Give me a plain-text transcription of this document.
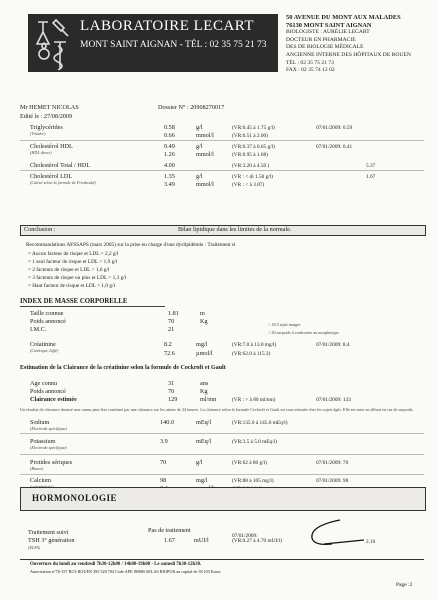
LABORATOIRE LECART
MONT SAINT AIGNAN - TÉL : 02 35 75 21 73
50 AVENUE DU MONT AUX MALADES
76130 MONT SAINT AIGNAN
BIOLOGISTE : AURÉLIE LECART
DOCTEUR EN PHARMACIE
DES DE BIOLOGIE MÉDICALE
ANCIENNE INTERNE DES HÔPITAUX DE ROUEN
TÉL : 02 35 75 21 73
FAX : 02 35 74 12 02
Mr HEMET NICOLAS
Edité le : 27/08/2009
Dossier N° : 20908270017
Triglycérides
(Triader)
0.58	g/l	(VR:0.45 à 1.75 g/l)	07/01/2009: 0.59
0.66	mmol/l	(VR:0.51 à 2.00)
Cholestérol HDL
(HDL direct)
0.49	g/l	(VR:0.37 à 0.65 g/l)	07/01/2009: 0.41
1.26	mmol/l	(VR:0.95 à 1.68)
Cholestérol Total / HDL	4.00	(VR:3.20 à 4.50 )	5.37
Cholestérol LDL
(Calcul selon la formule de Friedwald)
1.35	g/l	(VR : < di 1.50 g/l)	1.67
3.49	mmol/l	(VR : < à 3.87)
Conclusion :	Bilan lipidique dans les limites de la normale.
Recommandations AFSSAPS (mars 2005) sur la prise en charge d'une dyslipidémie : Traitement si
= Aucun facteur de risque et LDL > 2,2 g/l
= 1 seul facteur de risque et LDL > 1,9 g/l
= 2 facteurs de risque et LDL > 1,6 g/l
= 3 facteurs de risque ou plus et LDL > 1,3 g/l
= Haut facteur de risque et LDL > 1,0 g/l
INDEX DE MASSE CORPORELLE
Taille connue	1.81	m
Poids annoncé	70	Kg
I.M.C.	21
< 18.5 sujet maigre
> 30 surpoids à confronter au morphotype.
Créatinine
(Cinétique Jaffé)
8.2	mg/l	(VR:7.0 à 13.0 mg/l)	07/01/2009: 8.4
72.6	µmol/l	(VR:62.0 à 115.3)
Estimation de la Clairance de la créatinine selon la formule de Cockroft et Gault
Age connu	31	ans
Poids annoncé	70	Kg
Clairance estimée	129	ml/mn	(VR : > à 80 ml/mn)	07/01/2009: 133
Un résultat de clairance abaissé non connu peut être confirmé par une clairance sur les urines de 24 heures. La clairance selon la formule Cockroft et Gault est sous estimée chez les sujets âgés. Elle est mise en défaut en cas de surpoids.
Sodium
(Electrode spécifique)
140.0	mEq/l	(VR:135.0 à 145.0 mEq/l)
Potassium
(Electrode spécifique)
3.9	mEq/l	(VR:3.5 à 5.0 mEq/l)
Protides sériques
(Biuret)
70	g/l	(VR:62 à 80 g/l)	07/01/2009: 70
Calcium	98	mg/l	(VR:88 à 105 mg/l)	07/01/2009: 98
HORMONOLOGIE
Traitement suivi	Pas de traitement
TSH 3° génération
(ELFA)
1.67	mUI/l	(VR:0.27 à 4.70 mUI/l)
07/01/2009:
2.10
Ouverture du lundi au vendredi 7h30-12h00 / 14h00-19h00 - Le samedi 7h30-12h30.
Autorisation n°76-157 RCS ROUEN 395 528 704 Code APE 8690B SELAS BIOPUR au capital de 38 103 Euros
Page :2
